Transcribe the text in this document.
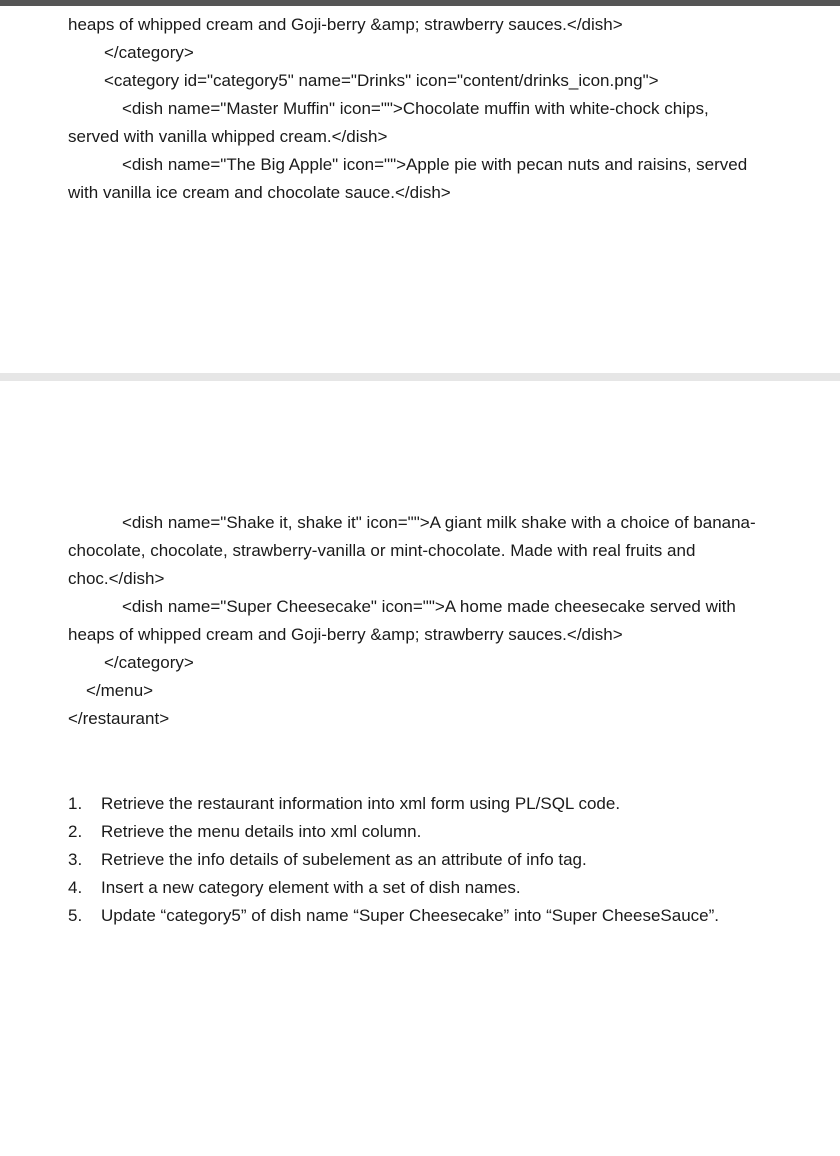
heaps of whipped cream and Goji-berry &amp; strawberry sauces.</dish>
</category>
<category id="category5" name="Drinks" icon="content/drinks_icon.png">
<dish name="Master Muffin" icon="">Chocolate muffin with white-chock chips,
served with vanilla whipped cream.</dish>
<dish name="The Big Apple" icon="">Apple pie with pecan nuts and raisins, served
with vanilla ice cream and chocolate sauce.</dish>
<dish name="Shake it, shake it" icon="">A giant milk shake with a choice of banana-
chocolate, chocolate, strawberry-vanilla or mint-chocolate. Made with real fruits and
choc.</dish>
<dish name="Super Cheesecake" icon="">A home made cheesecake served with
heaps of whipped cream and Goji-berry &amp; strawberry sauces.</dish>
</category>
</menu>
</restaurant>
1. Retrieve the restaurant information into xml form using PL/SQL code.
2. Retrieve the menu details into xml column.
3. Retrieve the info details of subelement as an attribute of info tag.
4. Insert a new category element with a set of dish names.
5. Update “category5” of dish name “Super Cheesecake” into “Super CheeseSauce”.
